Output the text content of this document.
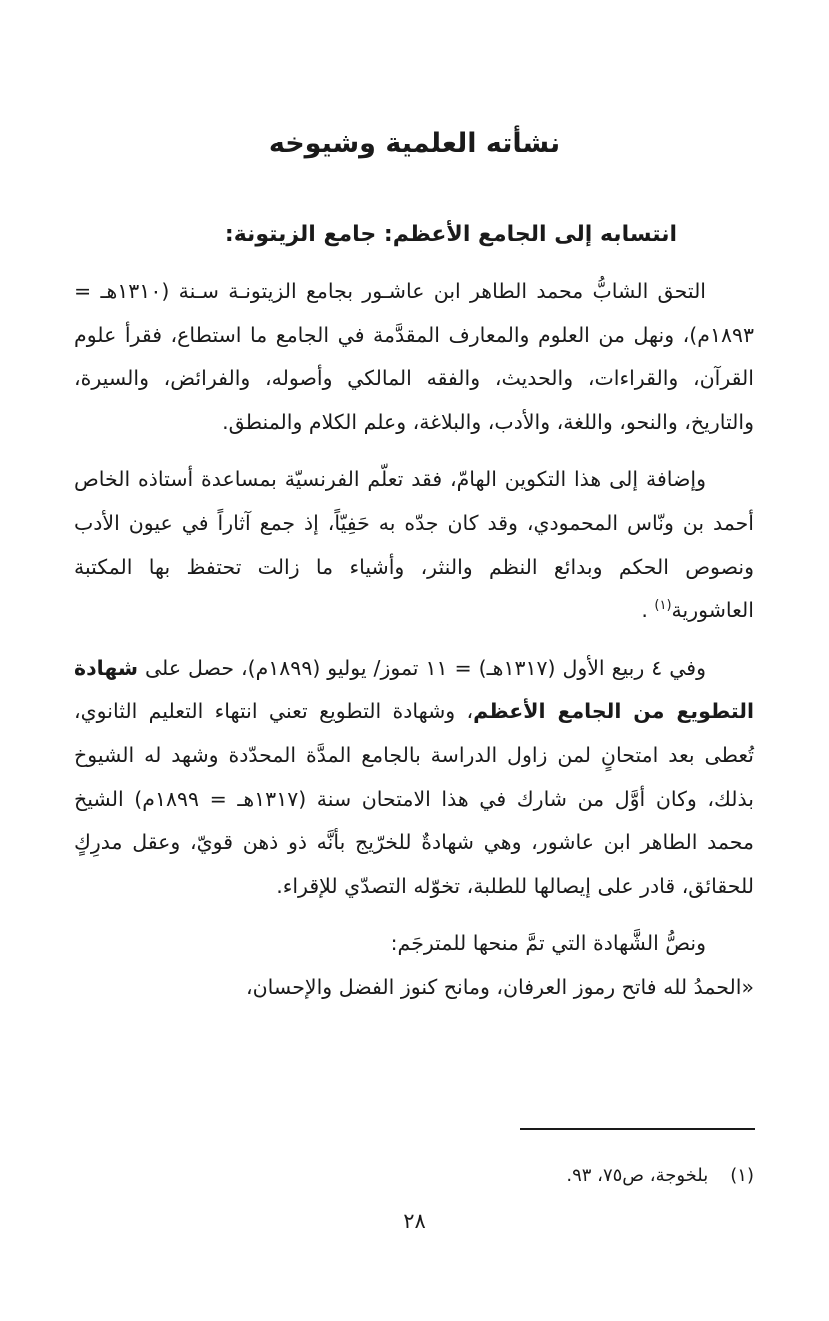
نشأته العلمية وشيوخه
انتسابه إلى الجامع الأعظم: جامع الزيتونة:

التحق الشابُّ محمد الطاهر ابن عاشـور بجامع الزيتونـة سـنة (١٣١٠هـ = ١٨٩٣م)، ونهل من العلوم والمعارف المقدَّمة في الجامع ما استطاع، فقرأ علوم القرآن، والقراءات، والحديث، والفقه المالكي وأصوله، والفرائض، والسيرة، والتاريخ، والنحو، واللغة، والأدب، والبلاغة، وعلم الكلام والمنطق.

وإضافة إلى هذا التكوين الهامّ، فقد تعلّم الفرنسيّة بمساعدة أستاذه الخاص أحمد بن ونّاس المحمودي، وقد كان جدّه به حَفِيّاً، إذ جمع آثاراً في عيون الأدب ونصوص الحكم وبدائع النظم والنثر، وأشياء ما زالت تحتفظ بها المكتبة العاشورية$^{(١)}$ .

وفي ٤ ربيع الأول (١٣١٧هـ) = ١١ تموز/ يوليو (١٨٩٩م)، حصل على شهادة التطويع من الجامع الأعظم، وشهادة التطويع تعني انتهاء التعليم الثانوي، تُعطى بعد امتحانٍ لمن زاول الدراسة بالجامع المدَّة المحدّدة وشهد له الشيوخ بذلك، وكان أوَّل من شارك في هذا الامتحان سنة (١٣١٧هـ = ١٨٩٩م) الشيخ محمد الطاهر ابن عاشور، وهي شهادةٌ للخرّيج بأنَّه ذو ذهن قويّ، وعقل مدرِكٍ للحقائق، قادر على إيصالها للطلبة، تخوّله التصدّي للإقراء.

ونصُّ الشَّهادة التي تمَّ منحها للمترجَم:

«الحمدُ لله فاتح رموز العرفان، ومانح كنوز الفضل والإحسان،

(١)بلخوجة، ص٧٥، ٩٣.
٢٨
